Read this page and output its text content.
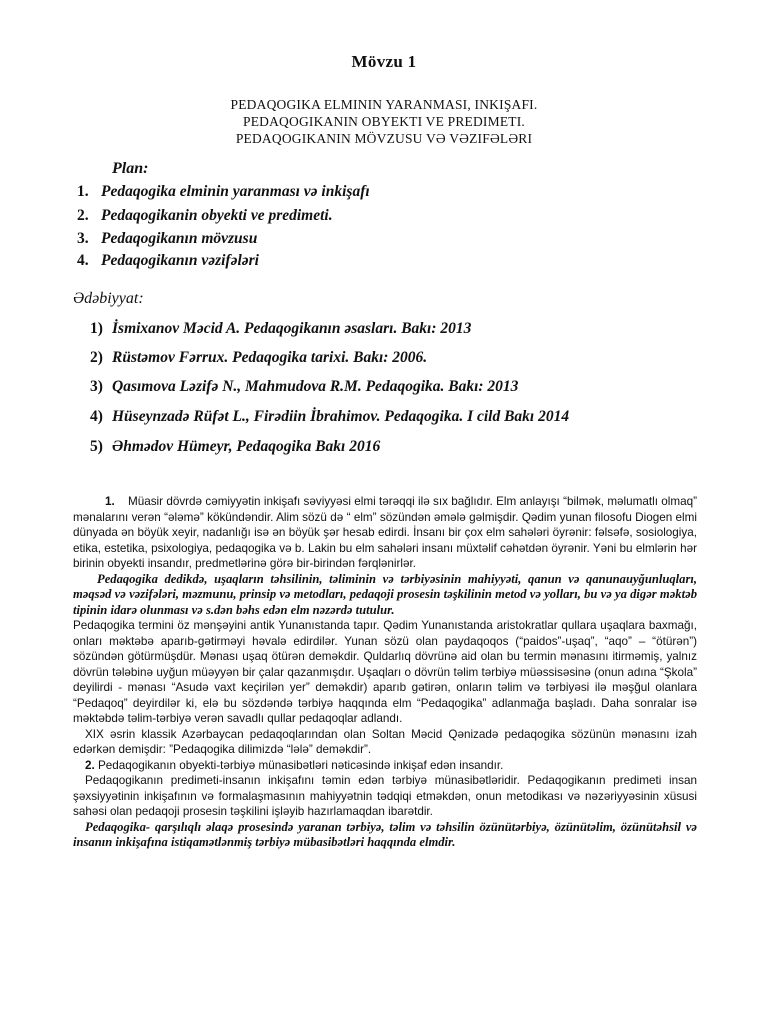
Mövzu 1
PEDAQOGIKA ELMININ YARANMASI, INKIŞAFI.
PEDAQOGIKANIN OBYEKTI VE PREDIMETI.
PEDAQOGIKANIN MÖVZUSU VƏ VƏZIFƏLƏRI
Plan:
1. Pedaqogika elminin yaranması və inkişafı
2. Pedaqogikanin obyekti ve predimeti.
3. Pedaqogikanın mövzusu
4. Pedaqogikanın vəzifələri
Ədəbiyyat:
1) İsmixanov Məcid A. Pedaqogikanın əsasları. Bakı: 2013
2) Rüstəmov Fərrux. Pedaqogika tarixi. Bakı: 2006.
3) Qasımova Ləzifə N., Mahmudova R.M. Pedaqogika. Bakı: 2013
4) Hüseynzadə Rüfət L., Firədiin İbrahimov. Pedaqogika. I cild Bakı 2014
5) Əhmədov Hümeyr, Pedaqogika Bakı 2016

1. Müasir dövrdə cəmiyyətin inkişafı səviyyəsi elmi tərəqqi ilə sıx bağlıdır. Elm anlayışı “bilmək, məlumatlı olmaq” mənalarını verən “ələmə” kökündəndir. Alim sözü də “ elm” sözündən əmələ gəlmişdir. Qədim yunan filosofu Diogen elmi dünyada ən böyük xeyir, nadanlığı isə ən böyük şər hesab edirdi. İnsanı bir çox elm sahələri öyrənir: fəlsəfə, sosiologiya, etika, estetika, psixologiya, pedaqogika və b. Lakin bu elm sahələri insanı müxtəlif cəhətdən öyrənir. Yəni bu elmlərin hər birinin obyekti insandır, predmetlərinə görə bir-birindən fərqlənirlər.

Pedaqogika dedikdə, uşaqların təhsilinin, təliminin və tərbiyəsinin mahiyyəti, qanun və qanunauyğunluqları, məqsəd və vəzifələri, məzmunu, prinsip və metodları, pedaqoji prosesin təşkilinin metod və yolları, bu və ya digər məktəb tipinin idarə olunması və s.dən bəhs edən elm nəzərdə tutulur.

Pedaqogika termini öz mənşəyini antik Yunanıstanda tapır. Qədim Yunanıstanda aristokratlar qullara uşaqlara baxmağı, onları məktəbə aparıb-gətirməyi həvalə edirdilər. Yunan sözü olan paydaqoqos (“paidos”-uşaq”, “aqo” – “ötürən”) sözündən götürmüşdür. Mənası uşaq ötürən deməkdir. Quldarlıq dövrünə aid olan bu termin mənasını itirməmiş, yalnız dövrün tələbinə uyğun müəyyən bir çalar qazanmışdır. Uşaqları o dövrün təlim tərbiyə müəssisəsinə (onun adına “Şkola” deyilirdi - mənası “Asudə vaxt keçirilən yer” deməkdir) aparıb gətirən, onların təlim və tərbiyəsi ilə məşğul olanlara “Pedaqoq” deyirdilər ki, elə bu sözdəndə tərbiyə haqqında elm “Pedaqogika” adlanmağa başladı. Daha sonralar isə məktəbdə təlim-tərbiyə verən savadlı qullar pedaqoqlar adlandı.

XIX əsrin klassik Azərbaycan pedaqoqlarından olan Soltan Məcid Qənizadə pedaqogika sözünün mənasını izah edərkən demişdir: ”Pedaqogika dilimizdə “lələ” deməkdir”.

2. Pedaqogikanın obyekti-tərbiyə münasibətləri nəticəsində inkişaf edən insandır.

Pedaqogikanın predimeti-insanın inkişafını təmin edən tərbiyə münasibətləridir. Pedaqogikanın predimeti insan şəxsiyyətinin inkişafının və formalaşmasının mahiyyətnin tədqiqi etməkdən, onun metodikası və nəzəriyyəsinin xüsusi sahəsi olan pedaqoji prosesin təşkilini işləyib hazırlamaqdan ibarətdir.

Pedaqogika- qarşılıqlı əlaqə prosesində yaranan tərbiyə, təlim və təhsilin özünütərbiyə, özünütəlim, özünütəhsil və insanın inkişafına istiqamətlənmiş tərbiyə mübasibətləri haqqında elmdir.
